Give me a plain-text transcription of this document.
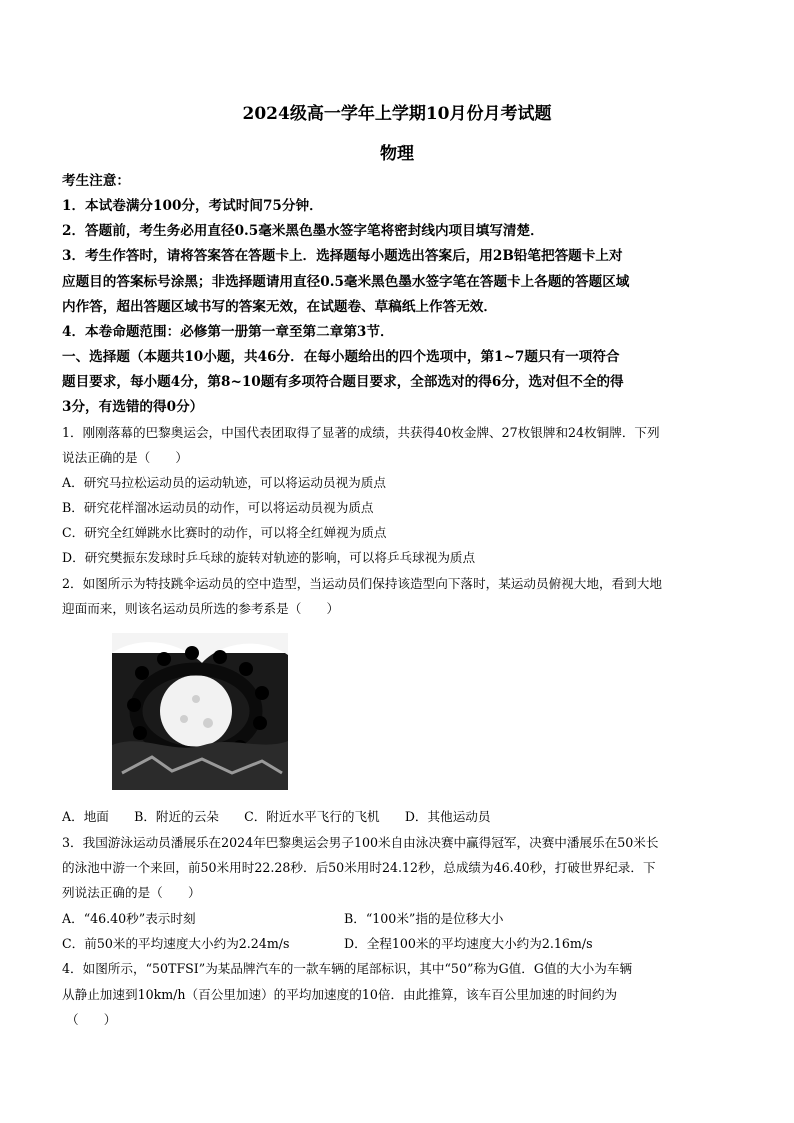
2024级高一学年上学期10月份月考试题
物理
考生注意：
1．本试卷满分100分，考试时间75分钟．
2．答题前，考生务必用直径0.5毫米黑色墨水签字笔将密封线内项目填写清楚．
3．考生作答时，请将答案答在答题卡上．选择题每小题选出答案后，用2B铅笔把答题卡上对
应题目的答案标号涂黑；非选择题请用直径0.5毫米黑色墨水签字笔在答题卡上各题的答题区域
内作答，超出答题区域书写的答案无效，在试题卷、草稿纸上作答无效．
4．本卷命题范围：必修第一册第一章至第二章第3节．
一、选择题（本题共10小题，共46分．在每小题给出的四个选项中，第1~7题只有一项符合
题目要求，每小题4分，第8~10题有多项符合题目要求，全部选对的得6分，选对但不全的得
3分，有选错的得0分）
1．刚刚落幕的巴黎奥运会，中国代表团取得了显著的成绩，共获得40枚金牌、27枚银牌和24枚铜牌．下列
说法正确的是（　　）
A．研究马拉松运动员的运动轨迹，可以将运动员视为质点
B．研究花样溜冰运动员的动作，可以将运动员视为质点
C．研究全红婵跳水比赛时的动作，可以将全红婵视为质点
D．研究樊振东发球时乒乓球的旋转对轨迹的影响，可以将乒乓球视为质点
2．如图所示为特技跳伞运动员的空中造型，当运动员们保持该造型向下落时，某运动员俯视大地，看到大地
迎面而来，则该名运动员所选的参考系是（　　）
A．地面　　B．附近的云朵　　C．附近水平飞行的飞机　　D．其他运动员
3．我国游泳运动员潘展乐在2024年巴黎奥运会男子100米自由泳决赛中赢得冠军，决赛中潘展乐在50米长
的泳池中游一个来回，前50米用时22.28秒．后50米用时24.12秒，总成绩为46.40秒，打破世界纪录．下
列说法正确的是（　　）
A．“46.40秒”表示时刻	B．“100米”指的是位移大小
C．前50米的平均速度大小约为2.24m/s	D．全程100米的平均速度大小约为2.16m/s
4．如图所示，“50TFSI”为某品牌汽车的一款车辆的尾部标识，其中“50”称为G值．G值的大小为车辆
从静止加速到10km/h（百公里加速）的平均加速度的10倍．由此推算，该车百公里加速的时间约为
（　　）
